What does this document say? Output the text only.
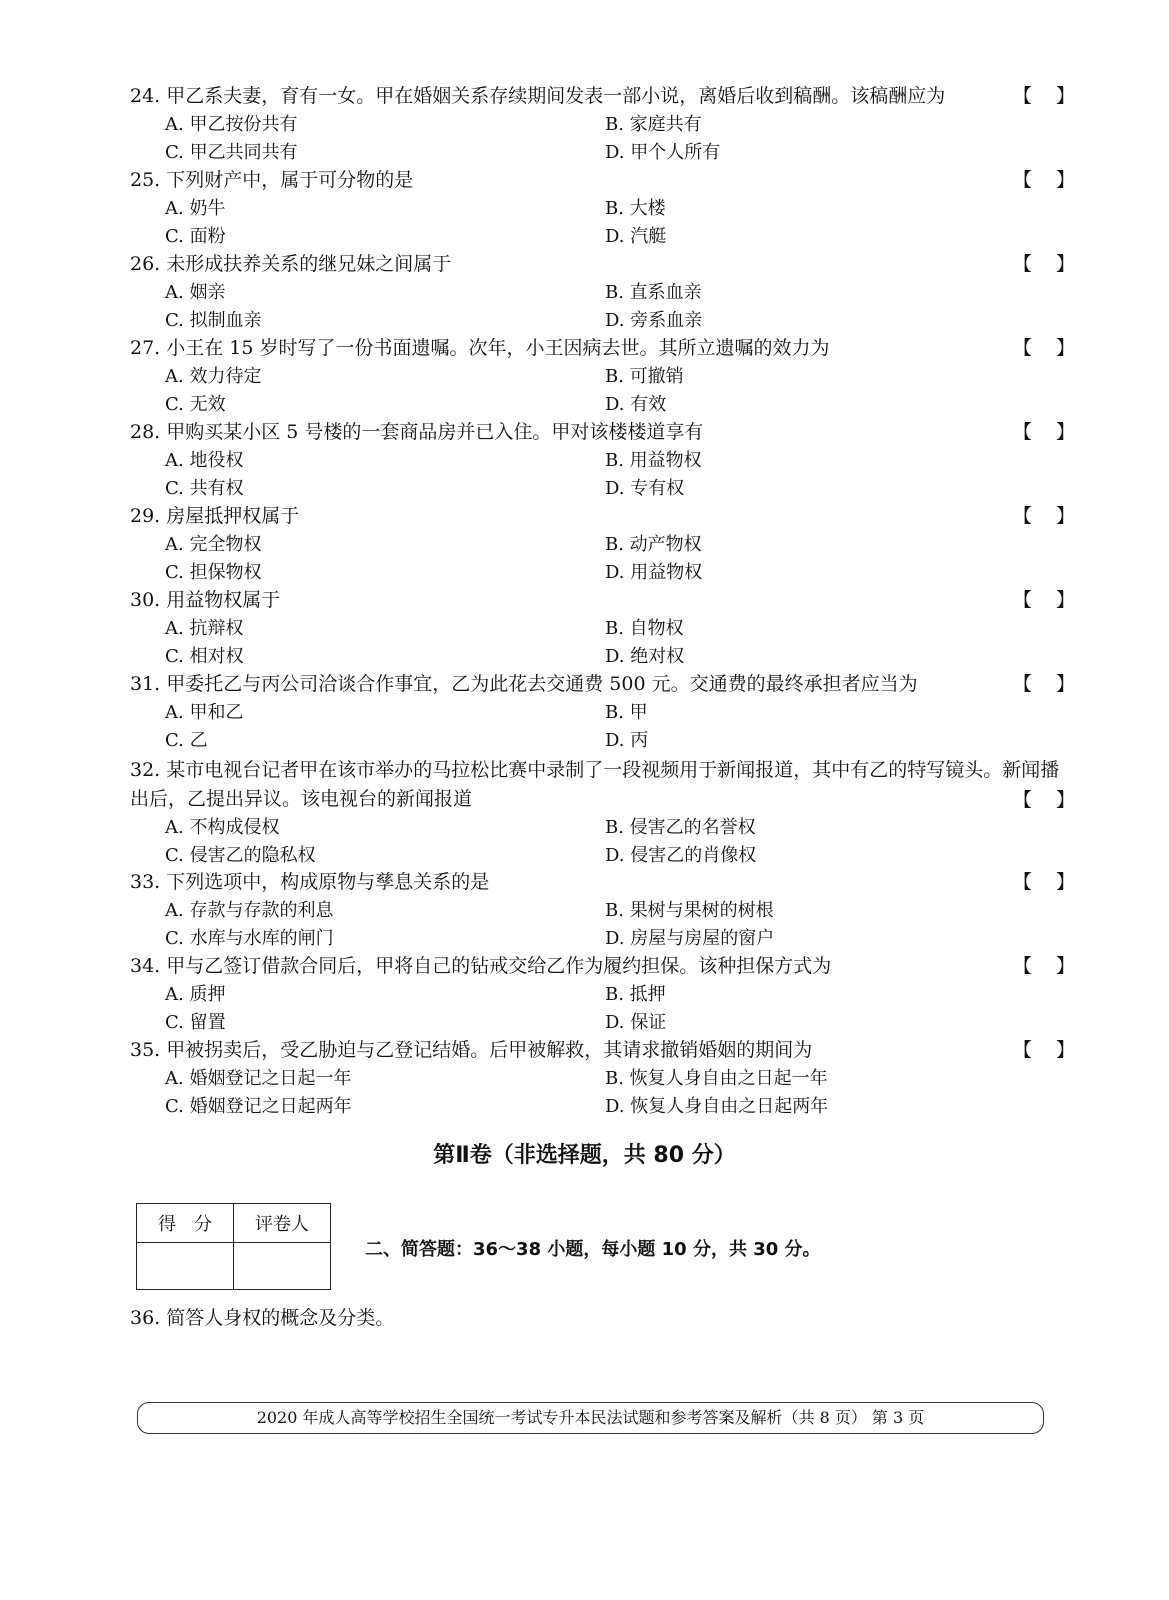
24. 甲乙系夫妻，育有一女。甲在婚姻关系存续期间发表一部小说，离婚后收到稿酬。该稿酬应为	【    】
A. 甲乙按份共有	B. 家庭共有
C. 甲乙共同共有	D. 甲个人所有
25. 下列财产中，属于可分物的是	【    】
A. 奶牛	B. 大楼
C. 面粉	D. 汽艇
26. 未形成扶养关系的继兄妹之间属于	【    】
A. 姻亲	B. 直系血亲
C. 拟制血亲	D. 旁系血亲
27. 小王在 15 岁时写了一份书面遗嘱。次年，小王因病去世。其所立遗嘱的效力为	【    】
A. 效力待定	B. 可撤销
C. 无效	D. 有效
28. 甲购买某小区 5 号楼的一套商品房并已入住。甲对该楼楼道享有	【    】
A. 地役权	B. 用益物权
C. 共有权	D. 专有权
29. 房屋抵押权属于	【    】
A. 完全物权	B. 动产物权
C. 担保物权	D. 用益物权
30. 用益物权属于	【    】
A. 抗辩权	B. 自物权
C. 相对权	D. 绝对权
31. 甲委托乙与丙公司洽谈合作事宜，乙为此花去交通费 500 元。交通费的最终承担者应当为	【    】
A. 甲和乙	B. 甲
C. 乙	D. 丙
32. 某市电视台记者甲在该市举办的马拉松比赛中录制了一段视频用于新闻报道，其中有乙的特写镜头。新闻播出后，乙提出异议。该电视台的新闻报道	【    】
A. 不构成侵权	B. 侵害乙的名誉权
C. 侵害乙的隐私权	D. 侵害乙的肖像权
33. 下列选项中，构成原物与孳息关系的是	【    】
A. 存款与存款的利息	B. 果树与果树的树根
C. 水库与水库的闸门	D. 房屋与房屋的窗户
34. 甲与乙签订借款合同后，甲将自己的钻戒交给乙作为履约担保。该种担保方式为	【    】
A. 质押	B. 抵押
C. 留置	D. 保证
35. 甲被拐卖后，受乙胁迫与乙登记结婚。后甲被解救，其请求撤销婚姻的期间为	【    】
A. 婚姻登记之日起一年	B. 恢复人身自由之日起一年
C. 婚姻登记之日起两年	D. 恢复人身自由之日起两年
第Ⅱ卷（非选择题，共 80 分）
得　分	评卷人

二、简答题：36～38 小题，每小题 10 分，共 30 分。
36. 简答人身权的概念及分类。
2020 年成人高等学校招生全国统一考试专升本民法试题和参考答案及解析（共 8 页） 第 3 页
